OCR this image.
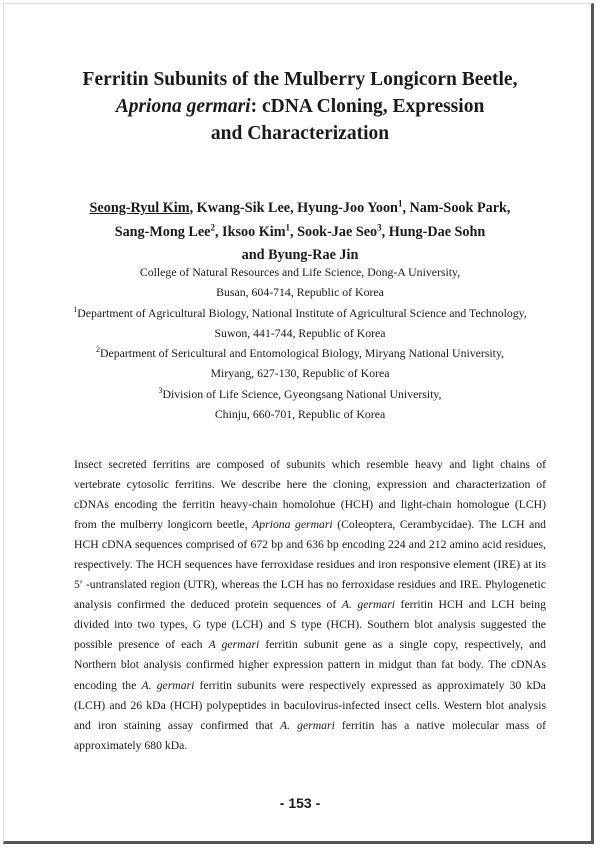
Ferritin Subunits of the Mulberry Longicorn Beetle,
Apriona germari: cDNA Cloning, Expression
and Characterization
Seong-Ryul Kim, Kwang-Sik Lee, Hyung-Joo Yoon$^1$, Nam-Sook Park,
Sang-Mong Lee$^2$, Iksoo Kim$^1$, Sook-Jae Seo$^3$, Hung-Dae Sohn
and Byung-Rae Jin
College of Natural Resources and Life Science, Dong-A University,
Busan, 604-714, Republic of Korea
$^1$Department of Agricultural Biology, National Institute of Agricultural Science and Technology,
Suwon, 441-744, Republic of Korea
$^2$Department of Sericultural and Entomological Biology, Miryang National University,
Miryang, 627-130, Republic of Korea
$^3$Division of Life Science, Gyeongsang National University,
Chinju, 660-701, Republic of Korea

Insect secreted ferritins are composed of subunits which resemble heavy and light chains of vertebrate cytosolic ferritins. We describe here the cloning, expression and characterization of cDNAs encoding the ferritin heavy-chain homolohue (HCH) and light-chain homologue (LCH) from the mulberry longicorn beetle, Apriona germari (Coleoptera, Cerambycidae). The LCH and HCH cDNA sequences comprised of 672 bp and 636 bp encoding 224 and 212 amino acid residues, respectively. The HCH sequences have ferroxidase residues and iron responsive element (IRE) at its 5′ -untranslated region (UTR), whereas the LCH has no ferroxidase residues and IRE. Phylogenetic analysis confirmed the deduced protein sequences of A. germari ferritin HCH and LCH being divided into two types, G type (LCH) and S type (HCH). Southern blot analysis suggested the possible presence of each A germari ferritin subunit gene as a single copy, respectively, and Northern blot analysis confirmed higher expression pattern in midgut than fat body. The cDNAs encoding the A. germari ferritin subunits were respectively expressed as approximately 30 kDa (LCH) and 26 kDa (HCH) polypeptides in baculovirus-infected insect cells. Western blot analysis and iron staining assay confirmed that A. germari ferritin has a native molecular mass of approximately 680 kDa.

- 153 -
